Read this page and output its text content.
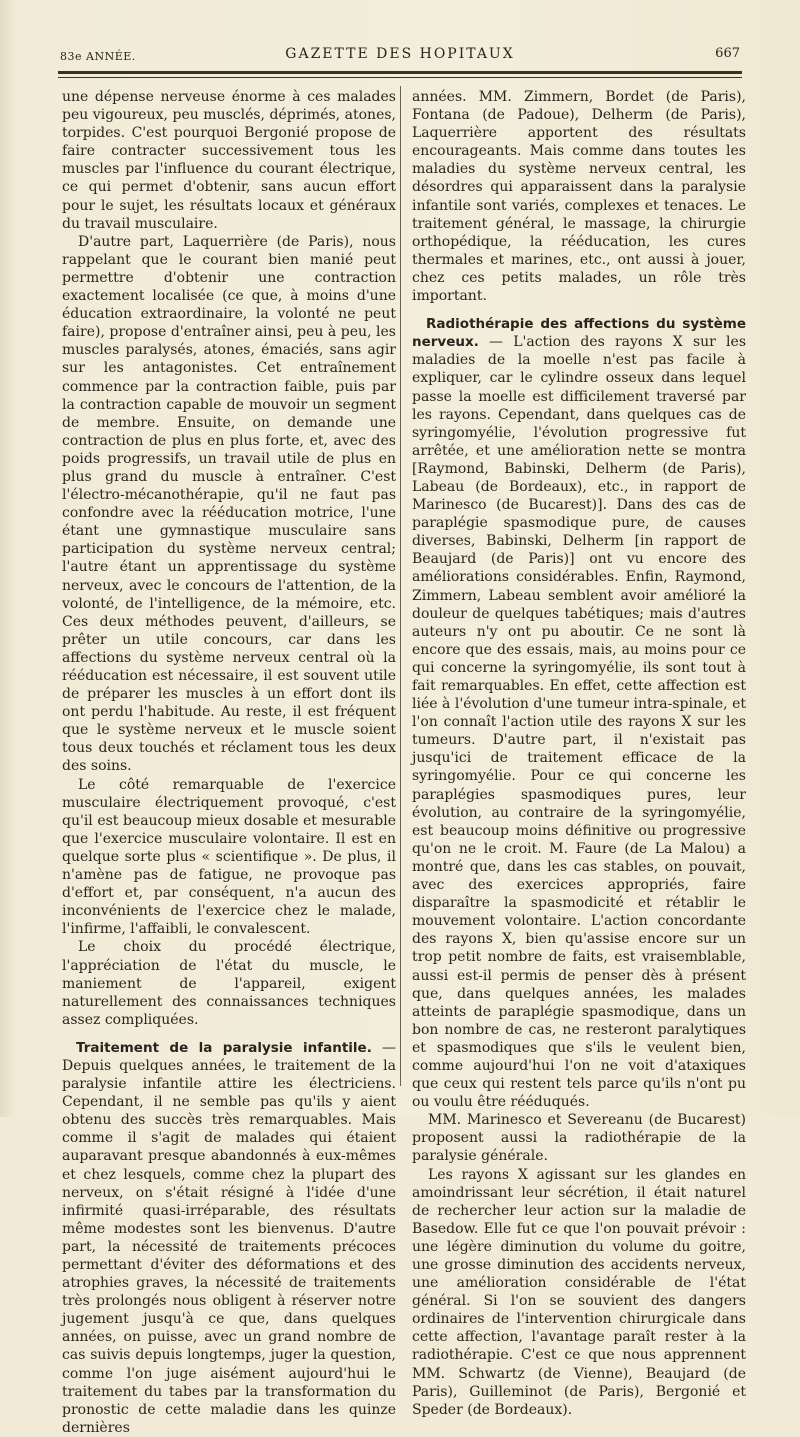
83e ANNÉE.	GAZETTE DES HOPITAUX	667

une dépense nerveuse énorme à ces malades peu vigoureux, peu musclés, déprimés, atones, torpides. C'est pourquoi Bergonié propose de faire contracter successivement tous les muscles par l'influence du courant électrique, ce qui permet d'obtenir, sans aucun effort pour le sujet, les résultats locaux et généraux du travail musculaire.

D'autre part, Laquerrière (de Paris), nous rappelant que le courant bien manié peut permettre d'obtenir une contraction exactement localisée (ce que, à moins d'une éducation extraordinaire, la volonté ne peut faire), propose d'entraîner ainsi, peu à peu, les muscles paralysés, atones, émaciés, sans agir sur les antagonistes. Cet entraînement commence par la contraction faible, puis par la contraction capable de mouvoir un segment de membre. Ensuite, on demande une contraction de plus en plus forte, et, avec des poids progressifs, un travail utile de plus en plus grand du muscle à entraîner. C'est l'électro-mécanothérapie, qu'il ne faut pas confondre avec la rééducation motrice, l'une étant une gymnastique musculaire sans participation du système nerveux central; l'autre étant un apprentissage du système nerveux, avec le concours de l'attention, de la volonté, de l'intelligence, de la mémoire, etc. Ces deux méthodes peuvent, d'ailleurs, se prêter un utile concours, car dans les affections du système nerveux central où la rééducation est nécessaire, il est souvent utile de préparer les muscles à un effort dont ils ont perdu l'habitude. Au reste, il est fréquent que le système nerveux et le muscle soient tous deux touchés et réclament tous les deux des soins.

Le côté remarquable de l'exercice musculaire électriquement provoqué, c'est qu'il est beaucoup mieux dosable et mesurable que l'exercice musculaire volontaire. Il est en quelque sorte plus « scientifique ». De plus, il n'amène pas de fatigue, ne provoque pas d'effort et, par conséquent, n'a aucun des inconvénients de l'exercice chez le malade, l'infirme, l'affaibli, le convalescent.

Le choix du procédé électrique, l'appréciation de l'état du muscle, le maniement de l'appareil, exigent naturellement des connaissances techniques assez compliquées.

Traitement de la paralysie infantile. — Depuis quelques années, le traitement de la paralysie infantile attire les électriciens. Cependant, il ne semble pas qu'ils y aient obtenu des succès très remarquables. Mais comme il s'agit de malades qui étaient auparavant presque abandonnés à eux-mêmes et chez lesquels, comme chez la plupart des nerveux, on s'était résigné à l'idée d'une infirmité quasi-irréparable, des résultats même modestes sont les bienvenus. D'autre part, la nécessité de traitements précoces permettant d'éviter des déformations et des atrophies graves, la nécessité de traitements très prolongés nous obligent à réserver notre jugement jusqu'à ce que, dans quelques années, on puisse, avec un grand nombre de cas suivis depuis longtemps, juger la question, comme l'on juge aisément aujourd'hui le traitement du tabes par la transformation du pronostic de cette maladie dans les quinze dernières

années. MM. Zimmern, Bordet (de Paris), Fontana (de Padoue), Delherm (de Paris), Laquerrière apportent des résultats encourageants. Mais comme dans toutes les maladies du système nerveux central, les désordres qui apparaissent dans la paralysie infantile sont variés, complexes et tenaces. Le traitement général, le massage, la chirurgie orthopédique, la rééducation, les cures thermales et marines, etc., ont aussi à jouer, chez ces petits malades, un rôle très important.

Radiothérapie des affections du système nerveux. — L'action des rayons X sur les maladies de la moelle n'est pas facile à expliquer, car le cylindre osseux dans lequel passe la moelle est difficilement traversé par les rayons. Cependant, dans quelques cas de syringomyélie, l'évolution progressive fut arrêtée, et une amélioration nette se montra [Raymond, Babinski, Delherm (de Paris), Labeau (de Bordeaux), etc., in rapport de Marinesco (de Bucarest)]. Dans des cas de paraplégie spasmodique pure, de causes diverses, Babinski, Delherm [in rapport de Beaujard (de Paris)] ont vu encore des améliorations considérables. Enfin, Raymond, Zimmern, Labeau semblent avoir amélioré la douleur de quelques tabétiques; mais d'autres auteurs n'y ont pu aboutir. Ce ne sont là encore que des essais, mais, au moins pour ce qui concerne la syringomyélie, ils sont tout à fait remarquables. En effet, cette affection est liée à l'évolution d'une tumeur intra-spinale, et l'on connaît l'action utile des rayons X sur les tumeurs. D'autre part, il n'existait pas jusqu'ici de traitement efficace de la syringomyélie. Pour ce qui concerne les paraplégies spasmodiques pures, leur évolution, au contraire de la syringomyélie, est beaucoup moins définitive ou progressive qu'on ne le croit. M. Faure (de La Malou) a montré que, dans les cas stables, on pouvait, avec des exercices appropriés, faire disparaître la spasmodicité et rétablir le mouvement volontaire. L'action concordante des rayons X, bien qu'assise encore sur un trop petit nombre de faits, est vraisemblable, aussi est-il permis de penser dès à présent que, dans quelques années, les malades atteints de paraplégie spasmodique, dans un bon nombre de cas, ne resteront paralytiques et spasmodiques que s'ils le veulent bien, comme aujourd'hui l'on ne voit d'ataxiques que ceux qui restent tels parce qu'ils n'ont pu ou voulu être rééduqués.

MM. Marinesco et Severeanu (de Bucarest) proposent aussi la radiothérapie de la paralysie générale.

Les rayons X agissant sur les glandes en amoindrissant leur sécrétion, il était naturel de rechercher leur action sur la maladie de Basedow. Elle fut ce que l'on pouvait prévoir : une légère diminution du volume du goitre, une grosse diminution des accidents nerveux, une amélioration considérable de l'état général. Si l'on se souvient des dangers ordinaires de l'intervention chirurgicale dans cette affection, l'avantage paraît rester à la radiothérapie. C'est ce que nous apprennent MM. Schwartz (de Vienne), Beaujard (de Paris), Guilleminot (de Paris), Bergonié et Speder (de Bordeaux).
